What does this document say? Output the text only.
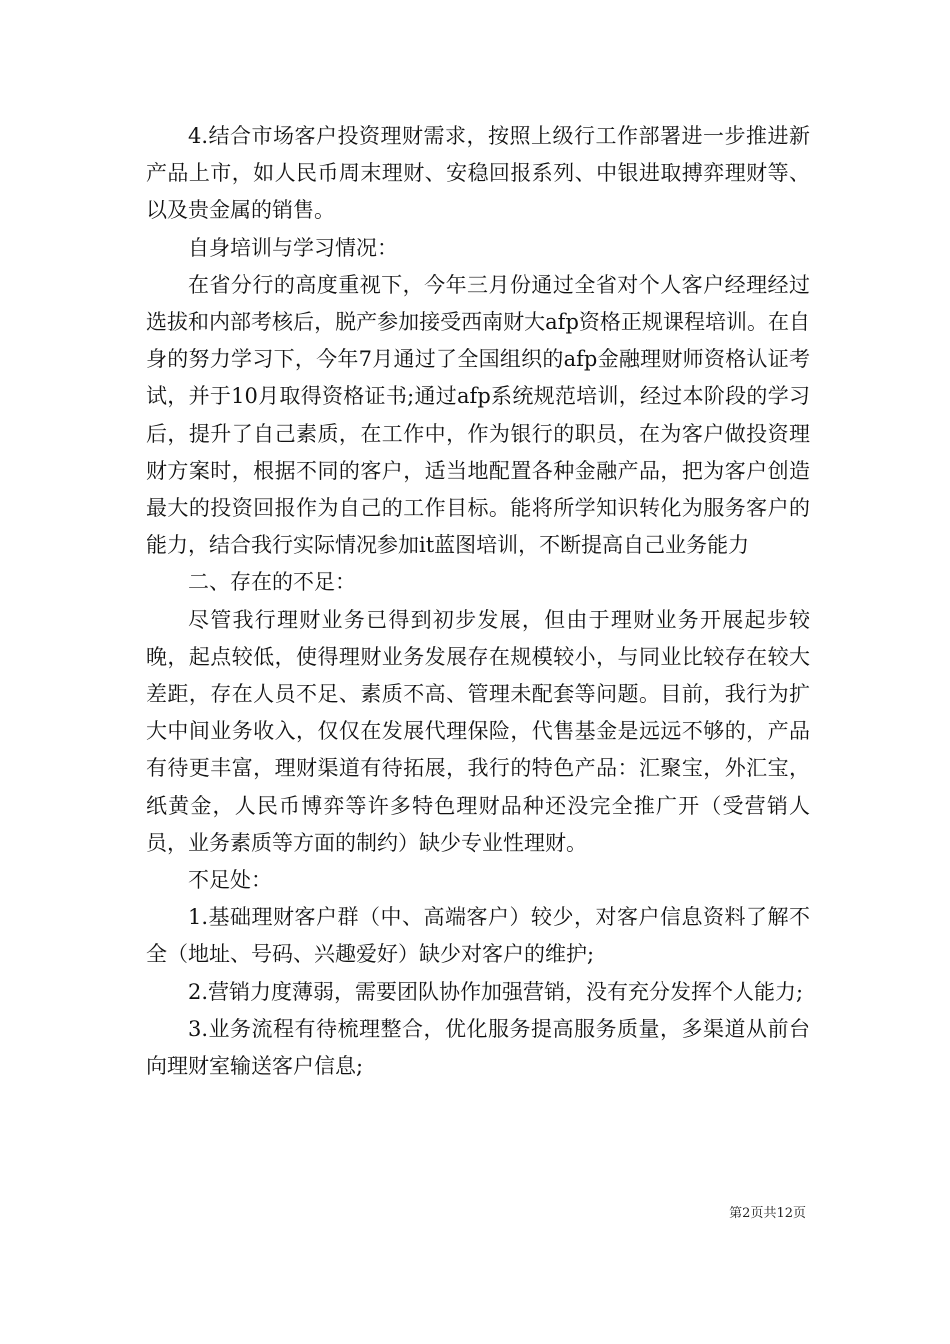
4.结合市场客户投资理财需求，按照上级行工作部署进一步推进新产品上市，如人民币周末理财、安稳回报系列、中银进取搏弈理财等、以及贵金属的销售。

自身培训与学习情况：

在省分行的高度重视下，今年三月份通过全省对个人客户经理经过选拔和内部考核后，脱产参加接受西南财大afp资格正规课程培训。在自身的努力学习下，今年7月通过了全国组织的afp金融理财师资格认证考试，并于10月取得资格证书;通过afp系统规范培训，经过本阶段的学习后，提升了自己素质，在工作中，作为银行的职员，在为客户做投资理财方案时，根据不同的客户，适当地配置各种金融产品，把为客户创造最大的投资回报作为自己的工作目标。能将所学知识转化为服务客户的能力，结合我行实际情况参加it蓝图培训，不断提高自己业务能力

二、存在的不足：

尽管我行理财业务已得到初步发展，但由于理财业务开展起步较晚，起点较低，使得理财业务发展存在规模较小，与同业比较存在较大差距，存在人员不足、素质不高、管理未配套等问题。目前，我行为扩大中间业务收入，仅仅在发展代理保险，代售基金是远远不够的，产品有待更丰富，理财渠道有待拓展，我行的特色产品：汇聚宝，外汇宝，纸黄金，人民币博弈等许多特色理财品种还没完全推广开（受营销人员，业务素质等方面的制约）缺少专业性理财。

不足处：

1.基础理财客户群（中、高端客户）较少，对客户信息资料了解不全（地址、号码、兴趣爱好）缺少对客户的维护;

2.营销力度薄弱，需要团队协作加强营销，没有充分发挥个人能力;

3.业务流程有待梳理整合，优化服务提高服务质量，多渠道从前台向理财室输送客户信息;

第2页共12页
